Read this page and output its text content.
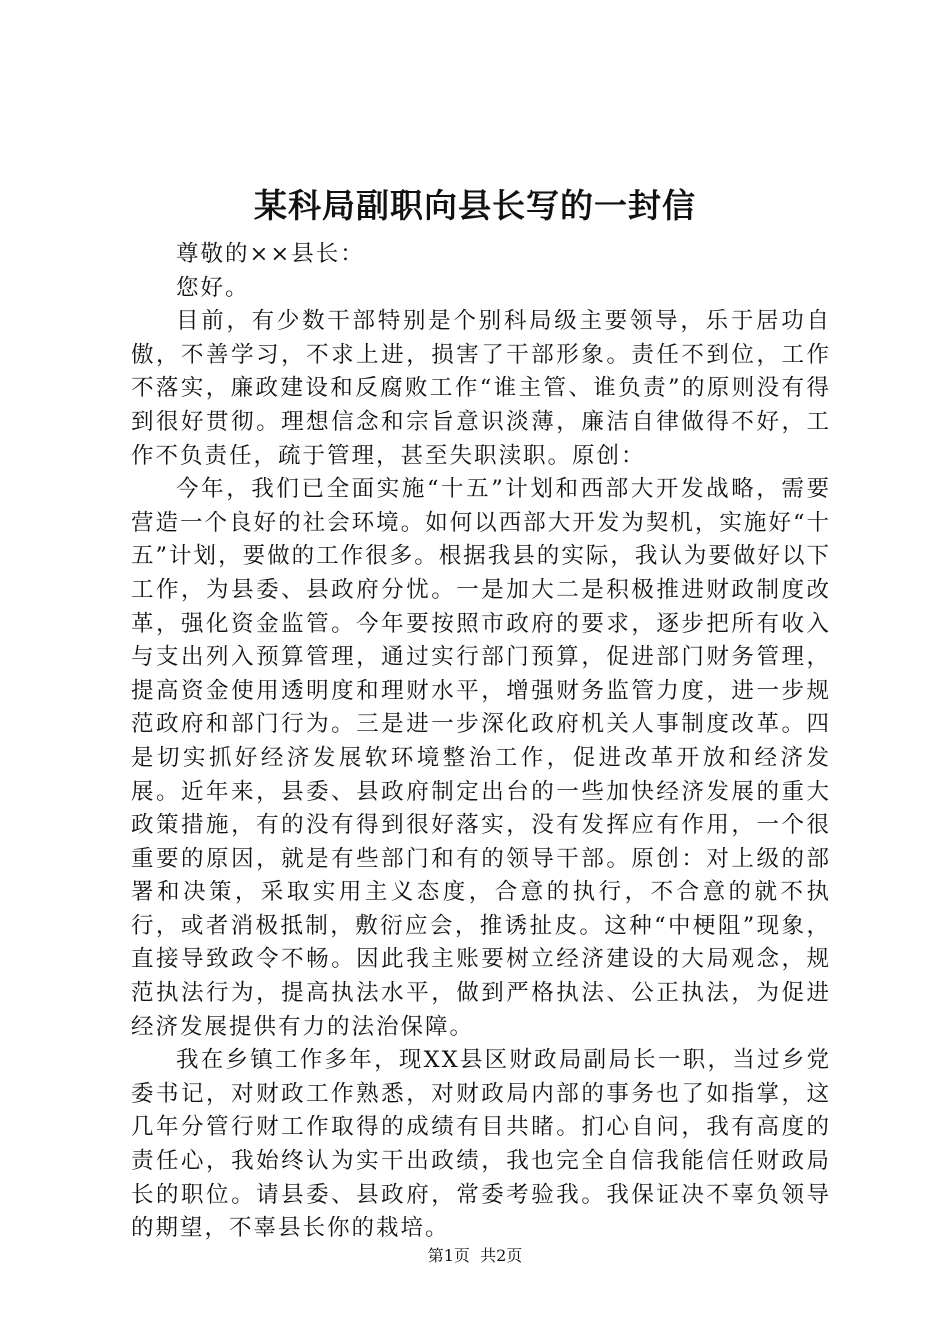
某科局副职向县长写的一封信

尊敬的××县长：

您好。

目前，有少数干部特别是个别科局级主要领导，乐于居功自傲，不善学习，不求上进，损害了干部形象。责任不到位，工作不落实，廉政建设和反腐败工作“谁主管、谁负责”的原则没有得到很好贯彻。理想信念和宗旨意识淡薄，廉洁自律做得不好，工作不负责任，疏于管理，甚至失职渎职。原创：

今年，我们已全面实施“十五”计划和西部大开发战略，需要营造一个良好的社会环境。如何以西部大开发为契机，实施好“十五”计划，要做的工作很多。根据我县的实际，我认为要做好以下工作，为县委、县政府分忧。一是加大二是积极推进财政制度改革，强化资金监管。今年要按照市政府的要求，逐步把所有收入与支出列入预算管理，通过实行部门预算，促进部门财务管理，提高资金使用透明度和理财水平，增强财务监管力度，进一步规范政府和部门行为。三是进一步深化政府机关人事制度改革。四是切实抓好经济发展软环境整治工作，促进改革开放和经济发展。近年来，县委、县政府制定出台的一些加快经济发展的重大政策措施，有的没有得到很好落实，没有发挥应有作用，一个很重要的原因，就是有些部门和有的领导干部。原创：对上级的部署和决策，采取实用主义态度，合意的执行，不合意的就不执行，或者消极抵制，敷衍应会，推诱扯皮。这种“中梗阻”现象，直接导致政令不畅。因此我主账要树立经济建设的大局观念，规范执法行为，提高执法水平，做到严格执法、公正执法，为促进经济发展提供有力的法治保障。

我在乡镇工作多年，现XX县区财政局副局长一职，当过乡党委书记，对财政工作熟悉，对财政局内部的事务也了如指掌，这几年分管行财工作取得的成绩有目共睹。扪心自问，我有高度的责任心，我始终认为实干出政绩，我也完全自信我能信任财政局长的职位。请县委、县政府，常委考验我。我保证决不辜负领导的期望，不辜县长你的栽培。

第1页 共2页
